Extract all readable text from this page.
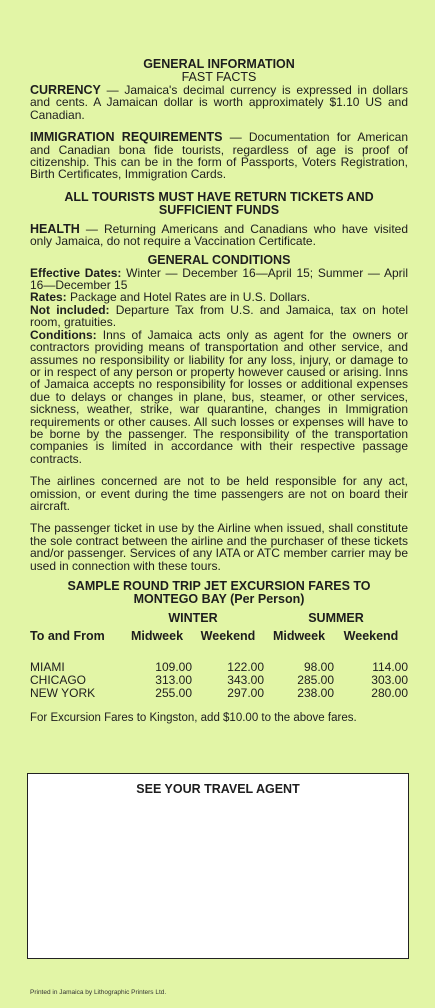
GENERAL INFORMATION
FAST FACTS

CURRENCY — Jamaica's decimal currency is expressed in dollars and cents. A Jamaican dollar is worth approximately $1.10 US and Canadian.

IMMIGRATION REQUIREMENTS — Documentation for American and Canadian bona fide tourists, regardless of age is proof of citizenship. This can be in the form of Passports, Voters Registration, Birth Certificates, Immigration Cards.

ALL TOURISTS MUST HAVE RETURN TICKETS AND SUFFICIENT FUNDS

HEALTH — Returning Americans and Canadians who have visited only Jamaica, do not require a Vaccination Certificate.

GENERAL CONDITIONS

Effective Dates: Winter — December 16—April 15; Summer — April 16—December 15

Rates: Package and Hotel Rates are in U.S. Dollars.

Not included: Departure Tax from U.S. and Jamaica, tax on hotel room, gratuities.

Conditions: Inns of Jamaica acts only as agent for the owners or contractors providing means of transportation and other service, and assumes no responsibility or liability for any loss, injury, or damage to or in respect of any person or property however caused or arising. Inns of Jamaica accepts no responsibility for losses or additional expenses due to delays or changes in plane, bus, steamer, or other services, sickness, weather, strike, war quarantine, changes in Immigration requirements or other causes. All such losses or expenses will have to be borne by the passenger. The responsibility of the transportation companies is limited in accordance with their respective passage contracts.

The airlines concerned are not to be held responsible for any act, omission, or event during the time passengers are not on board their aircraft.

The passenger ticket in use by the Airline when issued, shall constitute the sole contract between the airline and the purchaser of these tickets and/or passenger. Services of any IATA or ATC member carrier may be used in connection with these tours.

SAMPLE ROUND TRIP JET EXCURSION FARES TO MONTEGO BAY (Per Person)
	WINTER		SUMMER	
To and From	Midweek	Weekend	Midweek	Weekend

MIAMI	109.00	122.00	98.00	114.00
CHICAGO	313.00	343.00	285.00	303.00
NEW YORK	255.00	297.00	238.00	280.00

For Excursion Fares to Kingston, add $10.00 to the above fares.

SEE YOUR TRAVEL AGENT
Printed in Jamaica by Lithographic Printers Ltd.
